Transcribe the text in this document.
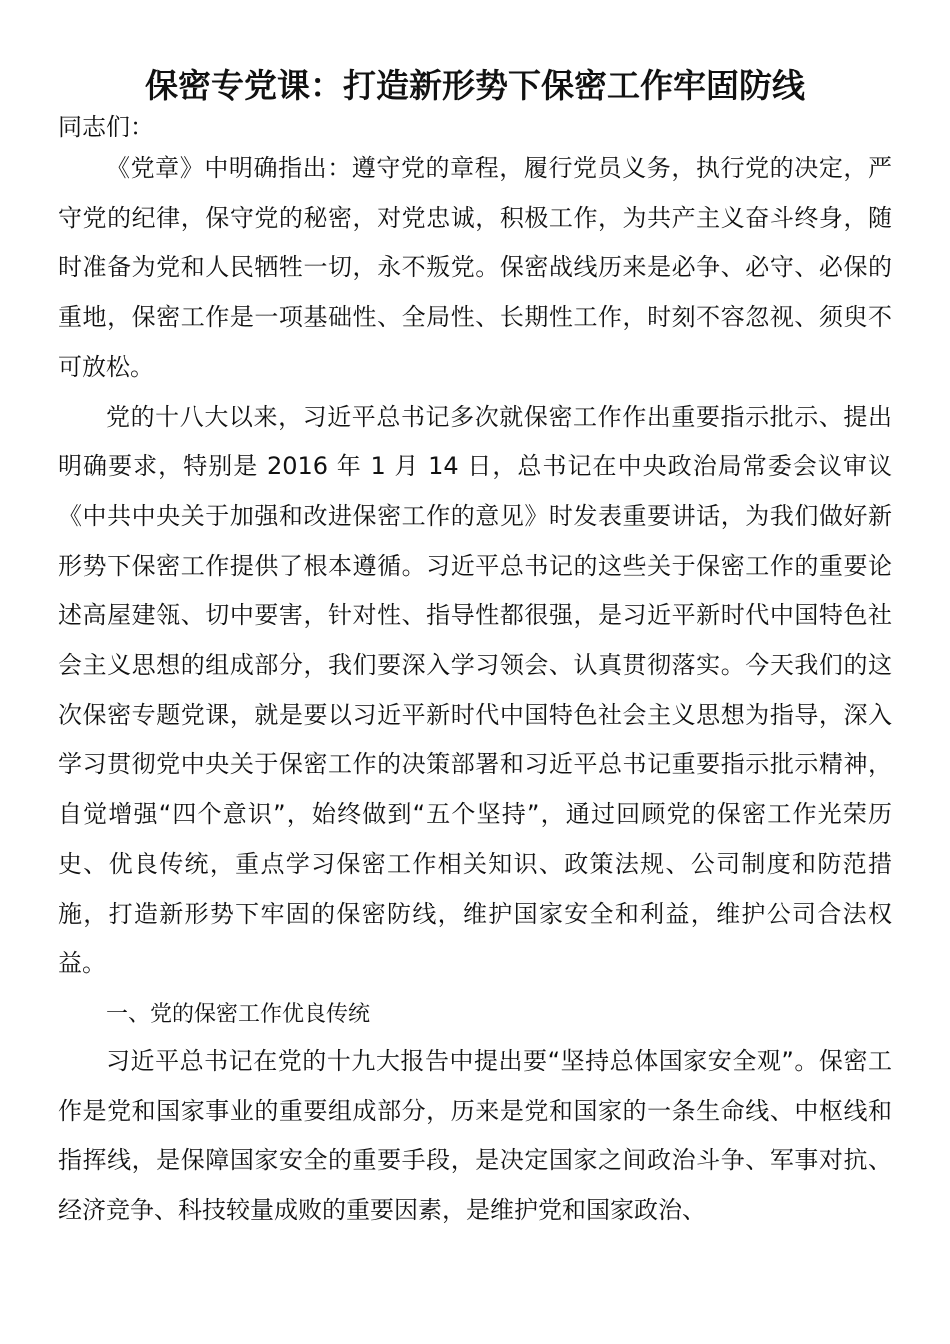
保密专党课：打造新形势下保密工作牢固防线

同志们：

《党章》中明确指出：遵守党的章程，履行党员义务，执行党的决定，严守党的纪律，保守党的秘密，对党忠诚，积极工作，为共产主义奋斗终身，随时准备为党和人民牺牲一切，永不叛党。保密战线历来是必争、必守、必保的重地，保密工作是一项基础性、全局性、长期性工作，时刻不容忽视、须臾不可放松。

党的十八大以来，习近平总书记多次就保密工作作出重要指示批示、提出明确要求，特别是 2016 年 1 月 14 日，总书记在中央政治局常委会议审议《中共中央关于加强和改进保密工作的意见》时发表重要讲话，为我们做好新形势下保密工作提供了根本遵循。习近平总书记的这些关于保密工作的重要论述高屋建瓴、切中要害，针对性、指导性都很强，是习近平新时代中国特色社会主义思想的组成部分，我们要深入学习领会、认真贯彻落实。今天我们的这次保密专题党课，就是要以习近平新时代中国特色社会主义思想为指导，深入学习贯彻党中央关于保密工作的决策部署和习近平总书记重要指示批示精神，自觉增强“四个意识”，始终做到“五个坚持”，通过回顾党的保密工作光荣历史、优良传统，重点学习保密工作相关知识、政策法规、公司制度和防范措施，打造新形势下牢固的保密防线，维护国家安全和利益，维护公司合法权益。

一、党的保密工作优良传统

习近平总书记在党的十九大报告中提出要“坚持总体国家安全观”。保密工作是党和国家事业的重要组成部分，历来是党和国家的一条生命线、中枢线和指挥线，是保障国家安全的重要手段，是决定国家之间政治斗争、军事对抗、经济竞争、科技较量成败的重要因素，是维护党和国家政治、
